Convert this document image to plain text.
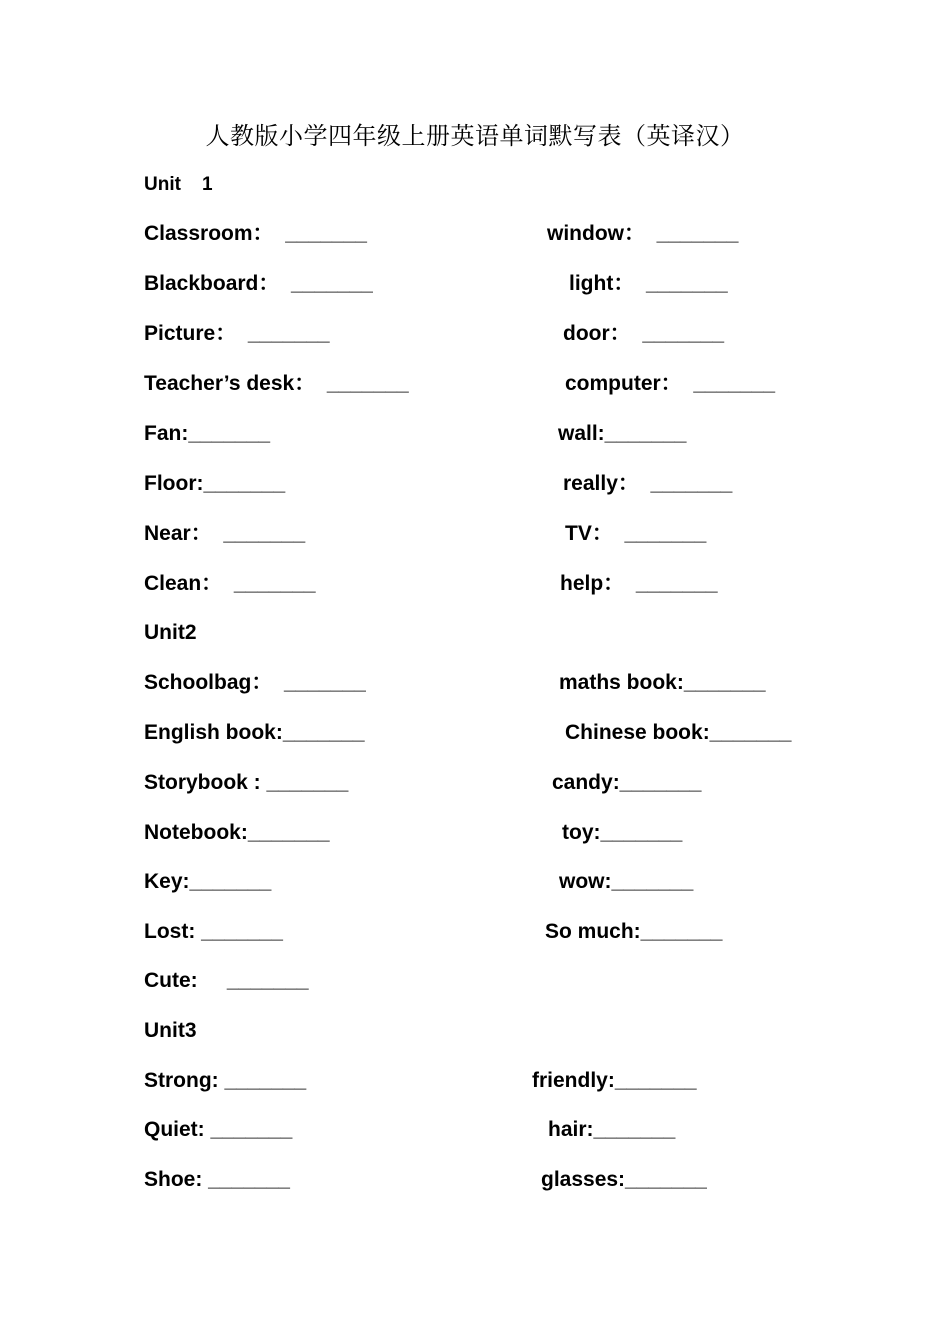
人教版小学四年级上册英语单词默写表（英译汉）
Unit    1
Classroom：  _______	window：  _______
Blackboard：  _______	light：  _______
Picture：  _______	door：  _______
Teacher’s desk：  _______	computer：  _______
Fan:_______	wall:_______
Floor:_______	really：  _______
Near：  _______	TV：  _______
Clean：  _______	help：  _______
Unit2
Schoolbag：  _______	maths book:_______
English book:_______	Chinese book:_______
Storybook : _______	candy:_______
Notebook:_______	toy:_______
Key:_______	wow:_______
Lost: _______	So much:_______
Cute:     _______
Unit3
Strong: _______	friendly:_______
Quiet: _______	hair:_______
Shoe: _______	glasses:_______
